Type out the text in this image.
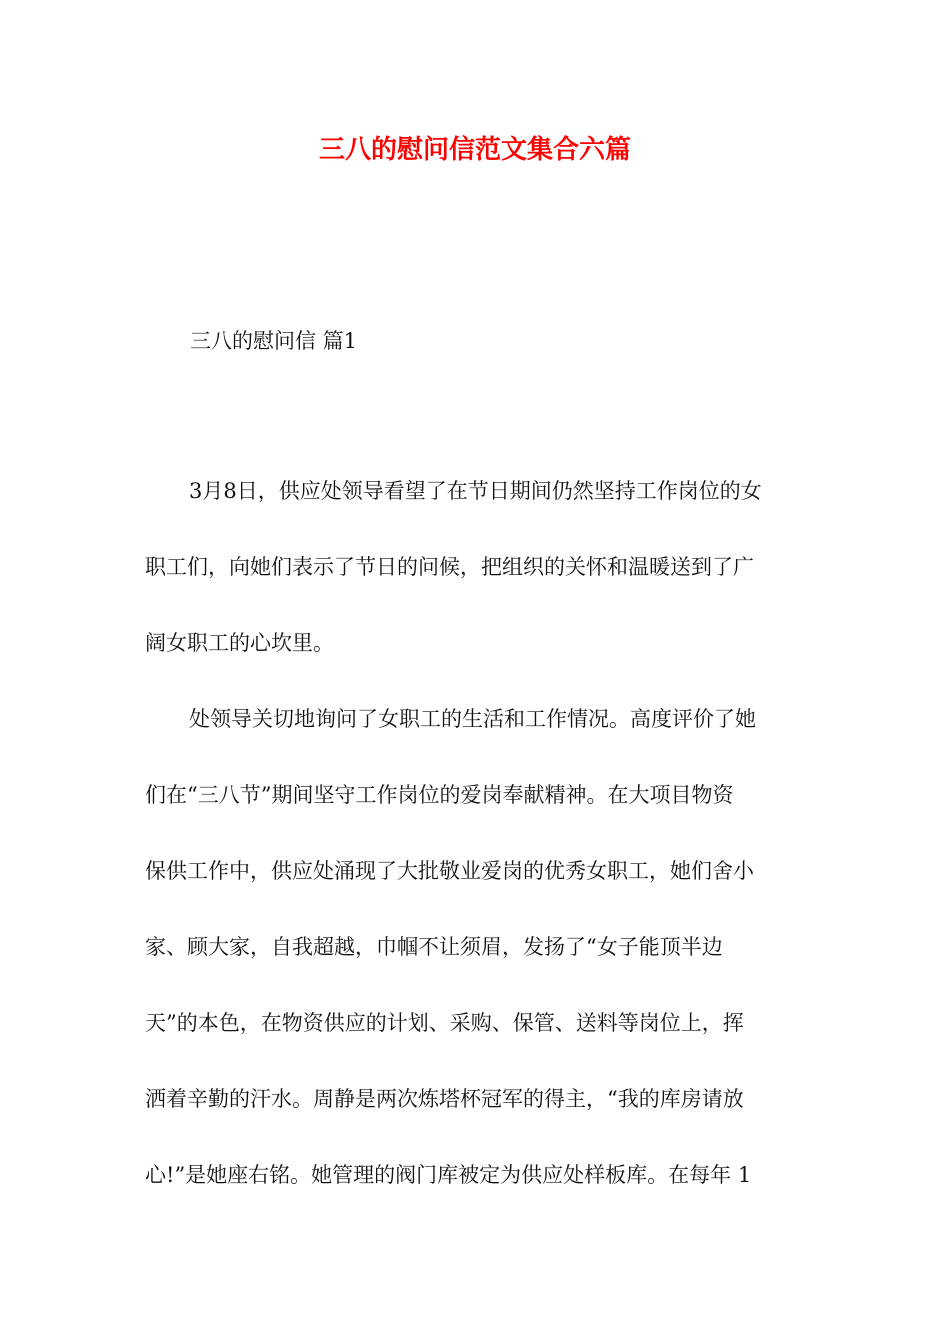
三八的慰问信范文集合六篇
三八的慰问信 篇1
3月8日，供应处领导看望了在节日期间仍然坚持工作岗位的女
职工们，向她们表示了节日的问候，把组织的关怀和温暖送到了广
阔女职工的心坎里。
处领导关切地询问了女职工的生活和工作情况。高度评价了她
们在“三八节”期间坚守工作岗位的爱岗奉献精神。在大项目物资
保供工作中，供应处涌现了大批敬业爱岗的优秀女职工，她们舍小
家、顾大家，自我超越，巾帼不让须眉，发扬了“女子能顶半边
天”的本色，在物资供应的计划、采购、保管、送料等岗位上，挥
洒着辛勤的汗水。周静是两次炼塔杯冠军的得主，“我的库房请放
心!”是她座右铭。她管理的阀门库被定为供应处样板库。在每年 1
